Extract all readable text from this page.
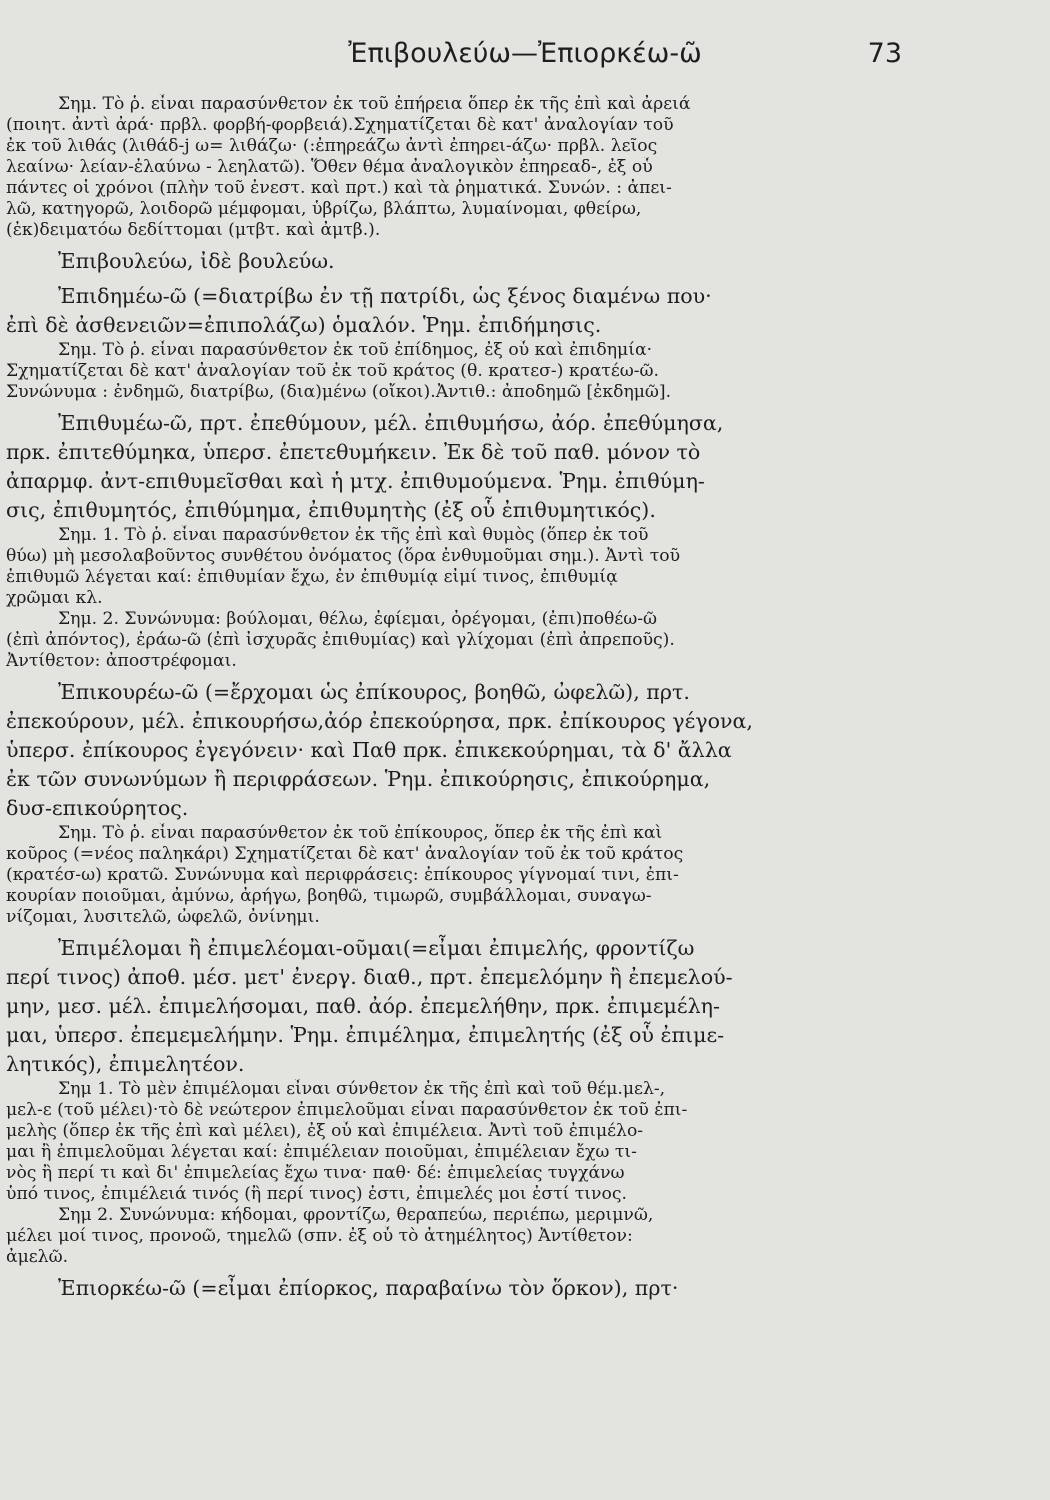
Ἐπιβουλεύω—Ἐπιορκέω-ῶ	73
Σημ. Τὸ ῥ. εἶναι παρασύνθετον ἐκ τοῦ ἐπήρεια ὅπερ ἐκ τῆς ἐπὶ καὶ ἀρειά
(ποιητ. ἀντὶ ἀρά· πρβλ. φορβή-φορβειά).Σχηματίζεται δὲ κατ' ἀναλογίαν τοῦ
ἐκ τοῦ λιθάς (λιθάδ-j ω= λιθάζω· (:ἐπηρεάζω ἀντὶ ἐπηρει-άζω· πρβλ. λεῖος
λεαίνω· λείαν-ἐλαύνω - λεηλατῶ). Ὅθεν θέμα ἀναλογικὸν ἐπηρεαδ-, ἐξ οὗ
πάντες οἱ χρόνοι (πλὴν τοῦ ἐνεστ. καὶ πρτ.) καὶ τὰ ῥηματικά. Συνών. : ἀπει-
λῶ, κατηγορῶ, λοιδορῶ μέμφομαι, ὑβρίζω, βλάπτω, λυμαίνομαι, φθείρω,
(ἐκ)δειματόω δεδίττομαι (μτβτ. καὶ ἀμτβ.).
Ἐπιβουλεύω, ἰδὲ βουλεύω.
Ἐπιδημέω-ῶ (=διατρίβω ἐν τῇ πατρίδι, ὡς ξένος διαμένω που·
ἐπὶ δὲ ἀσθενειῶν=ἐπιπολάζω) ὁμαλόν. Ῥημ. ἐπιδήμησις.
Σημ. Τὸ ῥ. εἶναι παρασύνθετον ἐκ τοῦ ἐπίδημος, ἐξ οὗ καὶ ἐπιδημία·
Σχηματίζεται δὲ κατ' ἀναλογίαν τοῦ ἐκ τοῦ κράτος (θ. κρατεσ-) κρατέω-ῶ.
Συνώνυμα : ἐνδημῶ, διατρίβω, (δια)μένω (οἴκοι).Ἀντιθ.: ἀποδημῶ [ἐκδημῶ].
Ἐπιθυμέω-ῶ, πρτ. ἐπεθύμουν, μέλ. ἐπιθυμήσω, ἀόρ. ἐπεθύμησα,
πρκ. ἐπιτεθύμηκα, ὑπερσ. ἐπετεθυμήκειν. Ἐκ δὲ τοῦ παθ. μόνον τὸ
ἀπαρμφ. ἀντ-επιθυμεῖσθαι καὶ ἡ μτχ. ἐπιθυμούμενα. Ῥημ. ἐπιθύμη-
σις, ἐπιθυμητός, ἐπιθύμημα, ἐπιθυμητὴς (ἐξ οὗ ἐπιθυμητικός).
Σημ. 1. Τὸ ῥ. εἶναι παρασύνθετον ἐκ τῆς ἐπὶ καὶ θυμὸς (ὅπερ ἐκ τοῦ
θύω) μὴ μεσολαβοῦντος συνθέτου ὀνόματος (ὅρα ἐνθυμοῦμαι σημ.). Ἀντὶ τοῦ
ἐπιθυμῶ λέγεται καί: ἐπιθυμίαν ἔχω, ἐν ἐπιθυμίᾳ εἰμί τινος, ἐπιθυμίᾳ
χρῶμαι κλ.
Σημ. 2. Συνώνυμα: βούλομαι, θέλω, ἐφίεμαι, ὀρέγομαι, (ἐπι)ποθέω-ῶ
(ἐπὶ ἀπόντος), ἐράω-ῶ (ἐπὶ ἰσχυρᾶς ἐπιθυμίας) καὶ γλίχομαι (ἐπὶ ἀπρεποῦς).
Ἀντίθετον: ἀποστρέφομαι.
Ἐπικουρέω-ῶ (=ἔρχομαι ὡς ἐπίκουρος, βοηθῶ, ὠφελῶ), πρτ.
ἐπεκούρουν, μέλ. ἐπικουρήσω,ἀόρ ἐπεκούρησα, πρκ. ἐπίκουρος γέγονα,
ὑπερσ. ἐπίκουρος ἐγεγόνειν· καὶ Παθ πρκ. ἐπικεκούρημαι, τὰ δ' ἄλλα
ἐκ τῶν συνωνύμων ἢ περιφράσεων. Ῥημ. ἐπικούρησις, ἐπικούρημα,
δυσ-επικούρητος.
Σημ. Τὸ ῥ. εἶναι παρασύνθετον ἐκ τοῦ ἐπίκουρος, ὅπερ ἐκ τῆς ἐπὶ καὶ
κοῦρος (=νέος παληκάρι) Σχηματίζεται δὲ κατ' ἀναλογίαν τοῦ ἐκ τοῦ κράτος
(κρατέσ-ω) κρατῶ. Συνώνυμα καὶ περιφράσεις: ἐπίκουρος γίγνομαί τινι, ἐπι-
κουρίαν ποιοῦμαι, ἀμύνω, ἀρήγω, βοηθῶ, τιμωρῶ, συμβάλλομαι, συναγω-
νίζομαι, λυσιτελῶ, ὠφελῶ, ὀνίνημι.
Ἐπιμέλομαι ἢ ἐπιμελέομαι-οῦμαι(=εἶμαι ἐπιμελής, φροντίζω
περί τινος) ἀποθ. μέσ. μετ' ἐνεργ. διαθ., πρτ. ἐπεμελόμην ἢ ἐπεμελού-
μην, μεσ. μέλ. ἐπιμελήσομαι, παθ. ἀόρ. ἐπεμελήθην, πρκ. ἐπιμεμέλη-
μαι, ὑπερσ. ἐπεμεμελήμην. Ῥημ. ἐπιμέλημα, ἐπιμελητής (ἐξ οὗ ἐπιμε-
λητικός), ἐπιμελητέον.
Σημ 1. Τὸ μὲν ἐπιμέλομαι εἶναι σύνθετον ἐκ τῆς ἐπὶ καὶ τοῦ θέμ.μελ-,
μελ-ε (τοῦ μέλει)·τὸ δὲ νεώτερον ἐπιμελοῦμαι εἶναι παρασύνθετον ἐκ τοῦ ἐπι-
μελὴς (ὅπερ ἐκ τῆς ἐπὶ καὶ μέλει), ἐξ οὗ καὶ ἐπιμέλεια. Ἀντὶ τοῦ ἐπιμέλο-
μαι ἢ ἐπιμελοῦμαι λέγεται καί: ἐπιμέλειαν ποιοῦμαι, ἐπιμέλειαν ἔχω τι-
νὸς ἢ περί τι καὶ δι' ἐπιμελείας ἔχω τινα· παθ· δέ: ἐπιμελείας τυγχάνω
ὑπό τινος, ἐπιμέλειά τινός (ἢ περί τινος) ἐστι, ἐπιμελές μοι ἐστί τινος.
Σημ 2. Συνώνυμα: κήδομαι, φροντίζω, θεραπεύω, περιέπω, μεριμνῶ,
μέλει μοί τινος, προνοῶ, τημελῶ (σπν. ἐξ οὗ τὸ ἀτημέλητος) Ἀντίθετον:
ἀμελῶ.
Ἐπιορκέω-ῶ (=εἶμαι ἐπίορκος, παραβαίνω τὸν ὅρκον), πρτ·
